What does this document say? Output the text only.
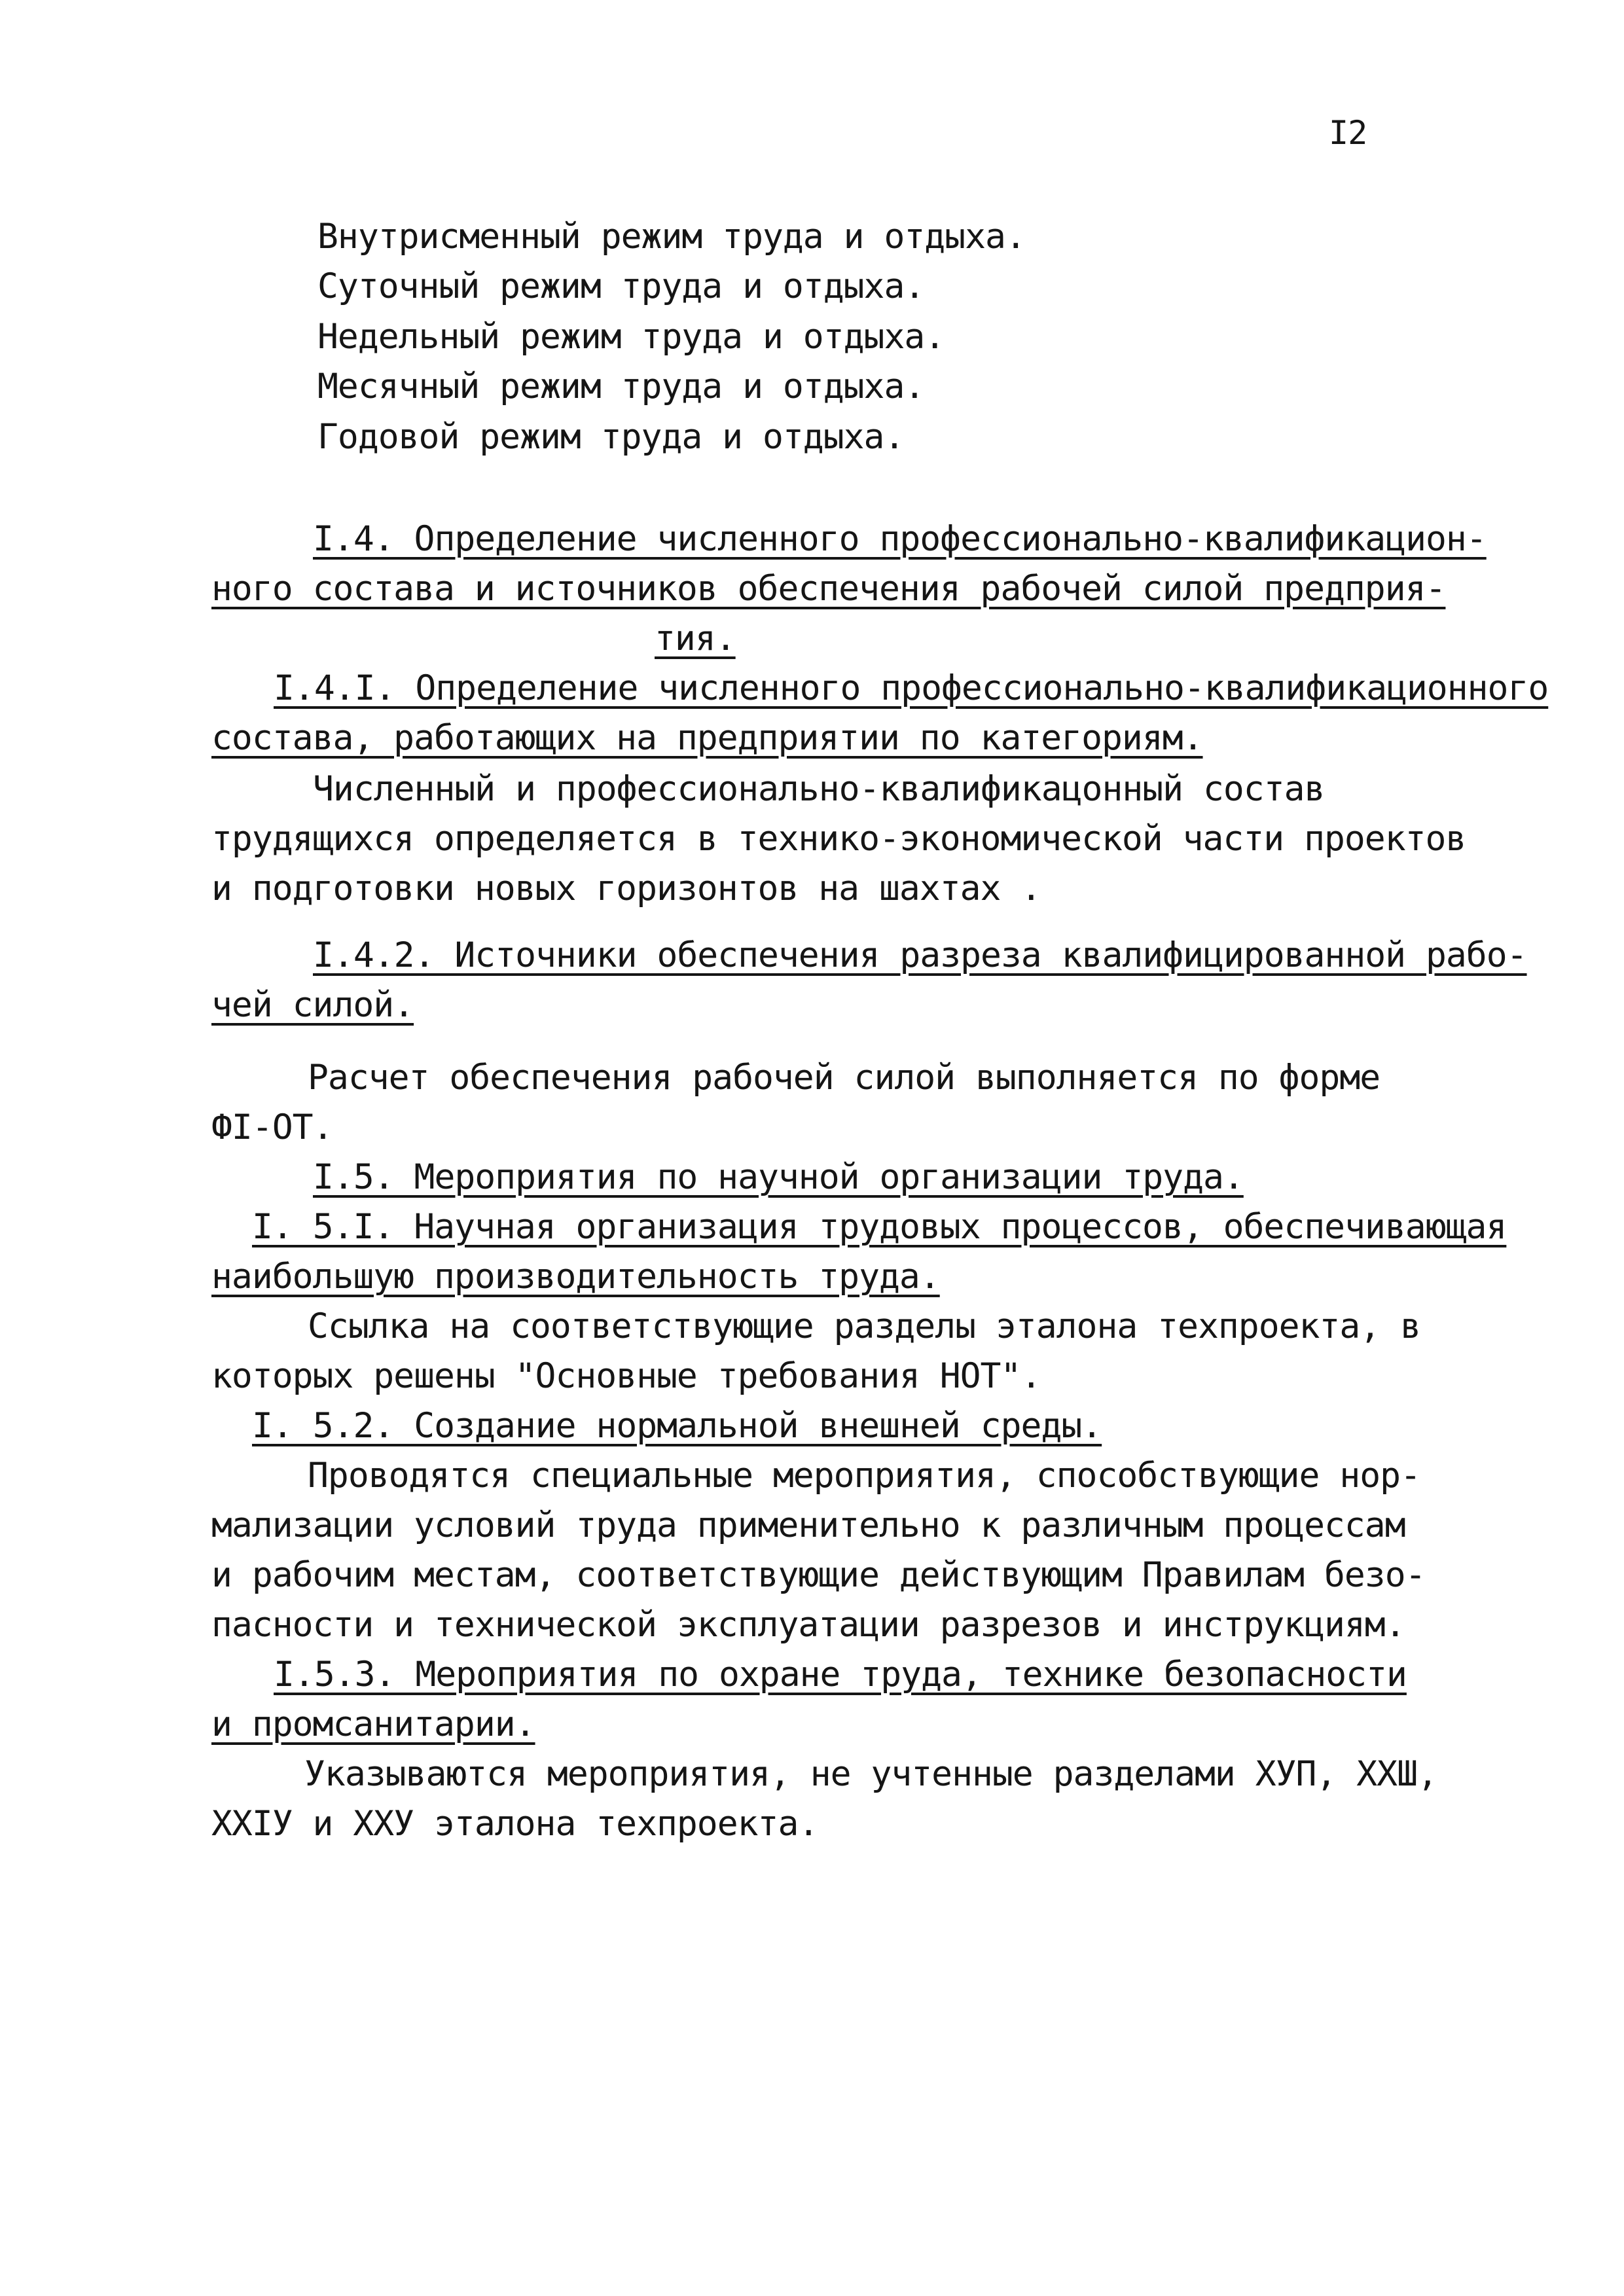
I2
Внутрисменный режим труда и отдыха.
Суточный режим труда и отдыха.
Недельный режим труда и отдыха.
Месячный режим труда и отдыха.
Годовой режим труда и отдыха.
I.4. Определение численного профессионально-квалификацион-
ного состава и источников обеспечения рабочей силой предприя-
тия.
I.4.I. Определение численного профессионально-квалификационного
состава, работающих на предприятии по категориям.
Численный и профессионально-квалификацонный состав
трудящихся определяется в технико-экономической части проектов
и подготовки новых горизонтов на шахтах .
I.4.2. Источники обеспечения разреза квалифицированной рабо-
чей силой.
Расчет обеспечения рабочей силой выполняется по форме
ФI-ОТ.
I.5. Мероприятия по научной организации труда.
I. 5.I. Научная организация трудовых процессов, обеспечивающая
наибольшую производительность труда.
Ссылка на соответствующие разделы эталона техпроекта, в
которых решены "Основные требования НОТ".
I. 5.2. Создание нормальной внешней среды.
Проводятся специальные мероприятия, способствующие нор-
мализации условий труда применительно к различным процессам
и рабочим местам, соответствующие действующим Правилам безо-
пасности и технической эксплуатации разрезов и инструкциям.
I.5.3. Мероприятия по охране труда, технике безопасности
и промсанитарии.
Указываются мероприятия, не учтенные разделами ХУП, ХХШ,
ХХIУ и ХХУ эталона техпроекта.
